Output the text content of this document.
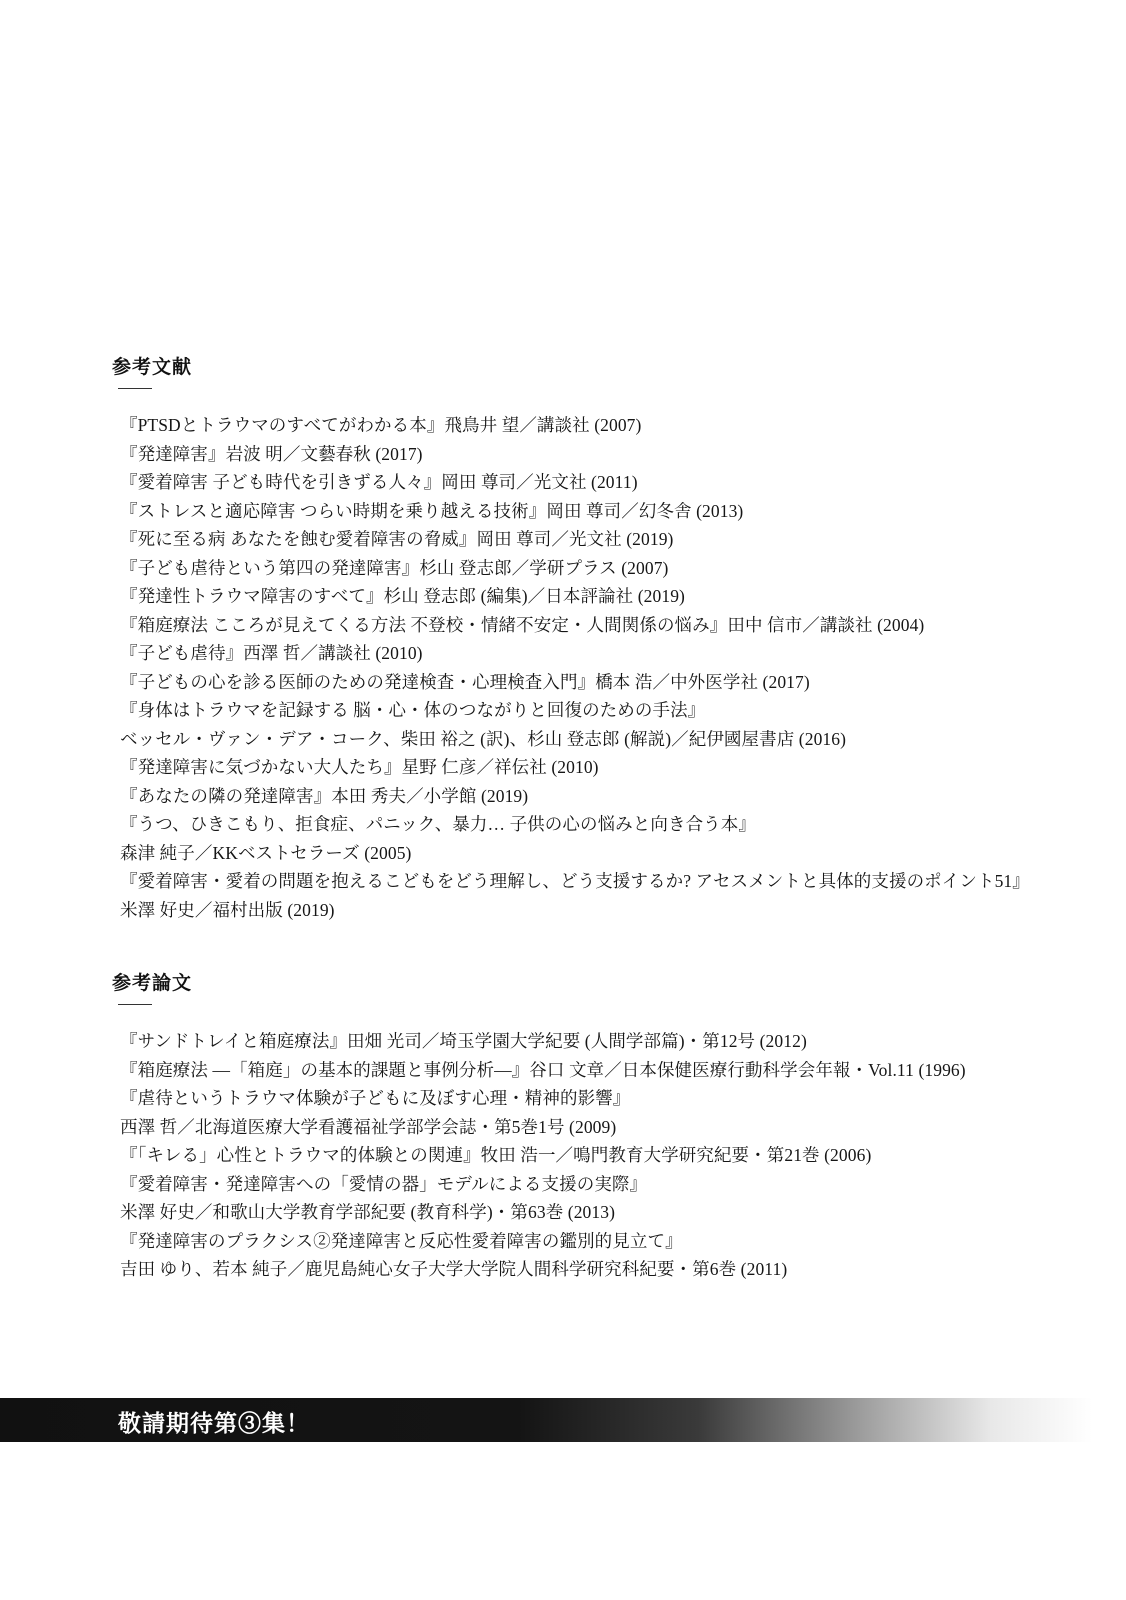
参考文献
『PTSDとトラウマのすべてがわかる本』飛鳥井 望／講談社 (2007)
『発達障害』岩波 明／文藝春秋 (2017)
『愛着障害 子ども時代を引きずる人々』岡田 尊司／光文社 (2011)
『ストレスと適応障害 つらい時期を乗り越える技術』岡田 尊司／幻冬舎 (2013)
『死に至る病 あなたを蝕む愛着障害の脅威』岡田 尊司／光文社 (2019)
『子ども虐待という第四の発達障害』杉山 登志郎／学研プラス (2007)
『発達性トラウマ障害のすべて』杉山 登志郎 (編集)／日本評論社 (2019)
『箱庭療法 こころが見えてくる方法 不登校・情緒不安定・人間関係の悩み』田中 信市／講談社 (2004)
『子ども虐待』西澤 哲／講談社 (2010)
『子どもの心を診る医師のための発達検査・心理検査入門』橋本 浩／中外医学社 (2017)
『身体はトラウマを記録する 脳・心・体のつながりと回復のための手法』
ベッセル・ヴァン・デア・コーク、柴田 裕之 (訳)、杉山 登志郎 (解説)／紀伊國屋書店 (2016)
『発達障害に気づかない大人たち』星野 仁彦／祥伝社 (2010)
『あなたの隣の発達障害』本田 秀夫／小学館 (2019)
『うつ、ひきこもり、拒食症、パニック、暴力… 子供の心の悩みと向き合う本』
森津 純子／KKベストセラーズ (2005)
『愛着障害・愛着の問題を抱えるこどもをどう理解し、どう支援するか? アセスメントと具体的支援のポイント51』
米澤 好史／福村出版 (2019)
参考論文
『サンドトレイと箱庭療法』田畑 光司／埼玉学園大学紀要 (人間学部篇)・第12号 (2012)
『箱庭療法 —「箱庭」の基本的課題と事例分析—』谷口 文章／日本保健医療行動科学会年報・Vol.11 (1996)
『虐待というトラウマ体験が子どもに及ぼす心理・精神的影響』
西澤 哲／北海道医療大学看護福祉学部学会誌・第5巻1号 (2009)
『「キレる」心性とトラウマ的体験との関連』牧田 浩一／鳴門教育大学研究紀要・第21巻 (2006)
『愛着障害・発達障害への「愛情の器」モデルによる支援の実際』
米澤 好史／和歌山大学教育学部紀要 (教育科学)・第63巻 (2013)
『発達障害のプラクシス②発達障害と反応性愛着障害の鑑別的見立て』
吉田 ゆり、若本 純子／鹿児島純心女子大学大学院人間科学研究科紀要・第6巻 (2011)
敬請期待第③集！
